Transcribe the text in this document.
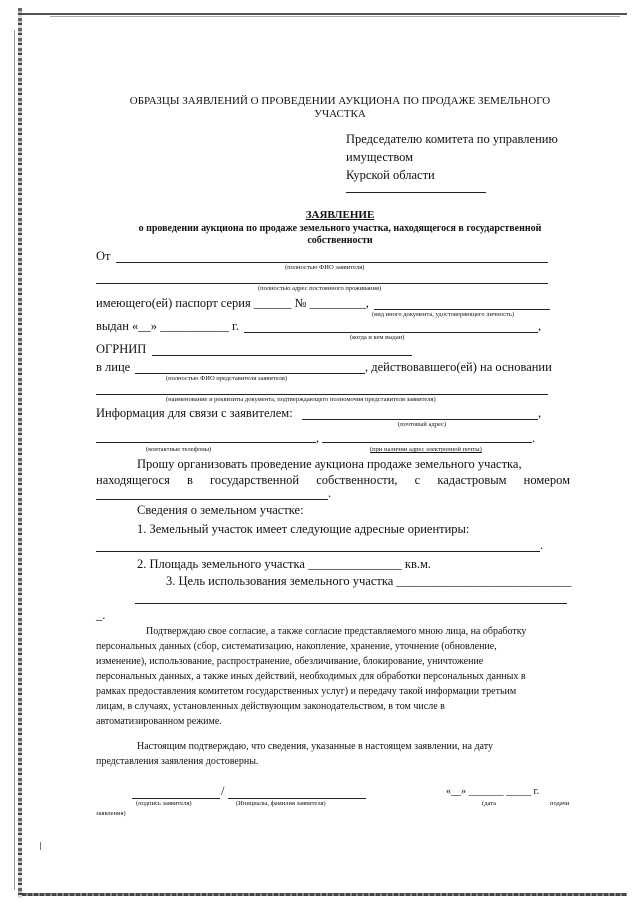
ОБРАЗЦЫ ЗАЯВЛЕНИЙ О ПРОВЕДЕНИИ АУКЦИОНА ПО ПРОДАЖЕ ЗЕМЕЛЬНОГО
УЧАСТКА
Председателю комитета по управлению
имуществом
Курской области
ЗАЯВЛЕНИЕ
о проведении аукциона по продаже земельного участка, находящегося в государственной
собственности
От
(полностью ФИО заявителя)
(полностью адрес постоянного проживания)
имеющего(ей) паспорт серия ______ № _________,
(вид иного документа, удостоверяющего личность)
выдан «__» ___________ г.	,
(когда и кем выдан)
ОГРНИП
в лице	, действовавшего(ей) на основании
(полностью ФИО представителя заявителя)
(наименование и реквизиты документа, подтверждающего полномочия представителя заявителя)
Информация для связи с заявителем:	,
(почтовый адрес)
,	.
(контактные телефоны)	(при наличии адрес электронной почты)
Прошу организовать проведение аукциона продаже земельного участка,
находящегося в государственной собственности, с кадастровым номером
.
Сведения о земельном участке:
1. Земельный участок имеет следующие адресные ориентиры:
.
2. Площадь земельного участка _______________ кв.м.
3. Цель использования земельного участка ____________________________
_.
Подтверждаю свое согласие, а также согласие представляемого мною лица, на обработку
персональных данных (сбор, систематизацию, накопление, хранение, уточнение (обновление,
изменение), использование, распространение, обезличивание, блокирование, уничтожение
персональных данных, а также иных действий, необходимых для обработки персональных данных в
рамках предоставления комитетом государственных услуг) и передачу такой информации третьим
лицам, в случаях, установленных действующим законодательством, в том числе в
автоматизированном режиме.
Настоящим подтверждаю, что сведения, указанные в настоящем заявлении, на дату
представления заявления достоверны.
/	«__» _______ _____ г.
(подпись заявителя)	(Инициалы, фамилия заявителя)	(дата	подачи
заявления)
